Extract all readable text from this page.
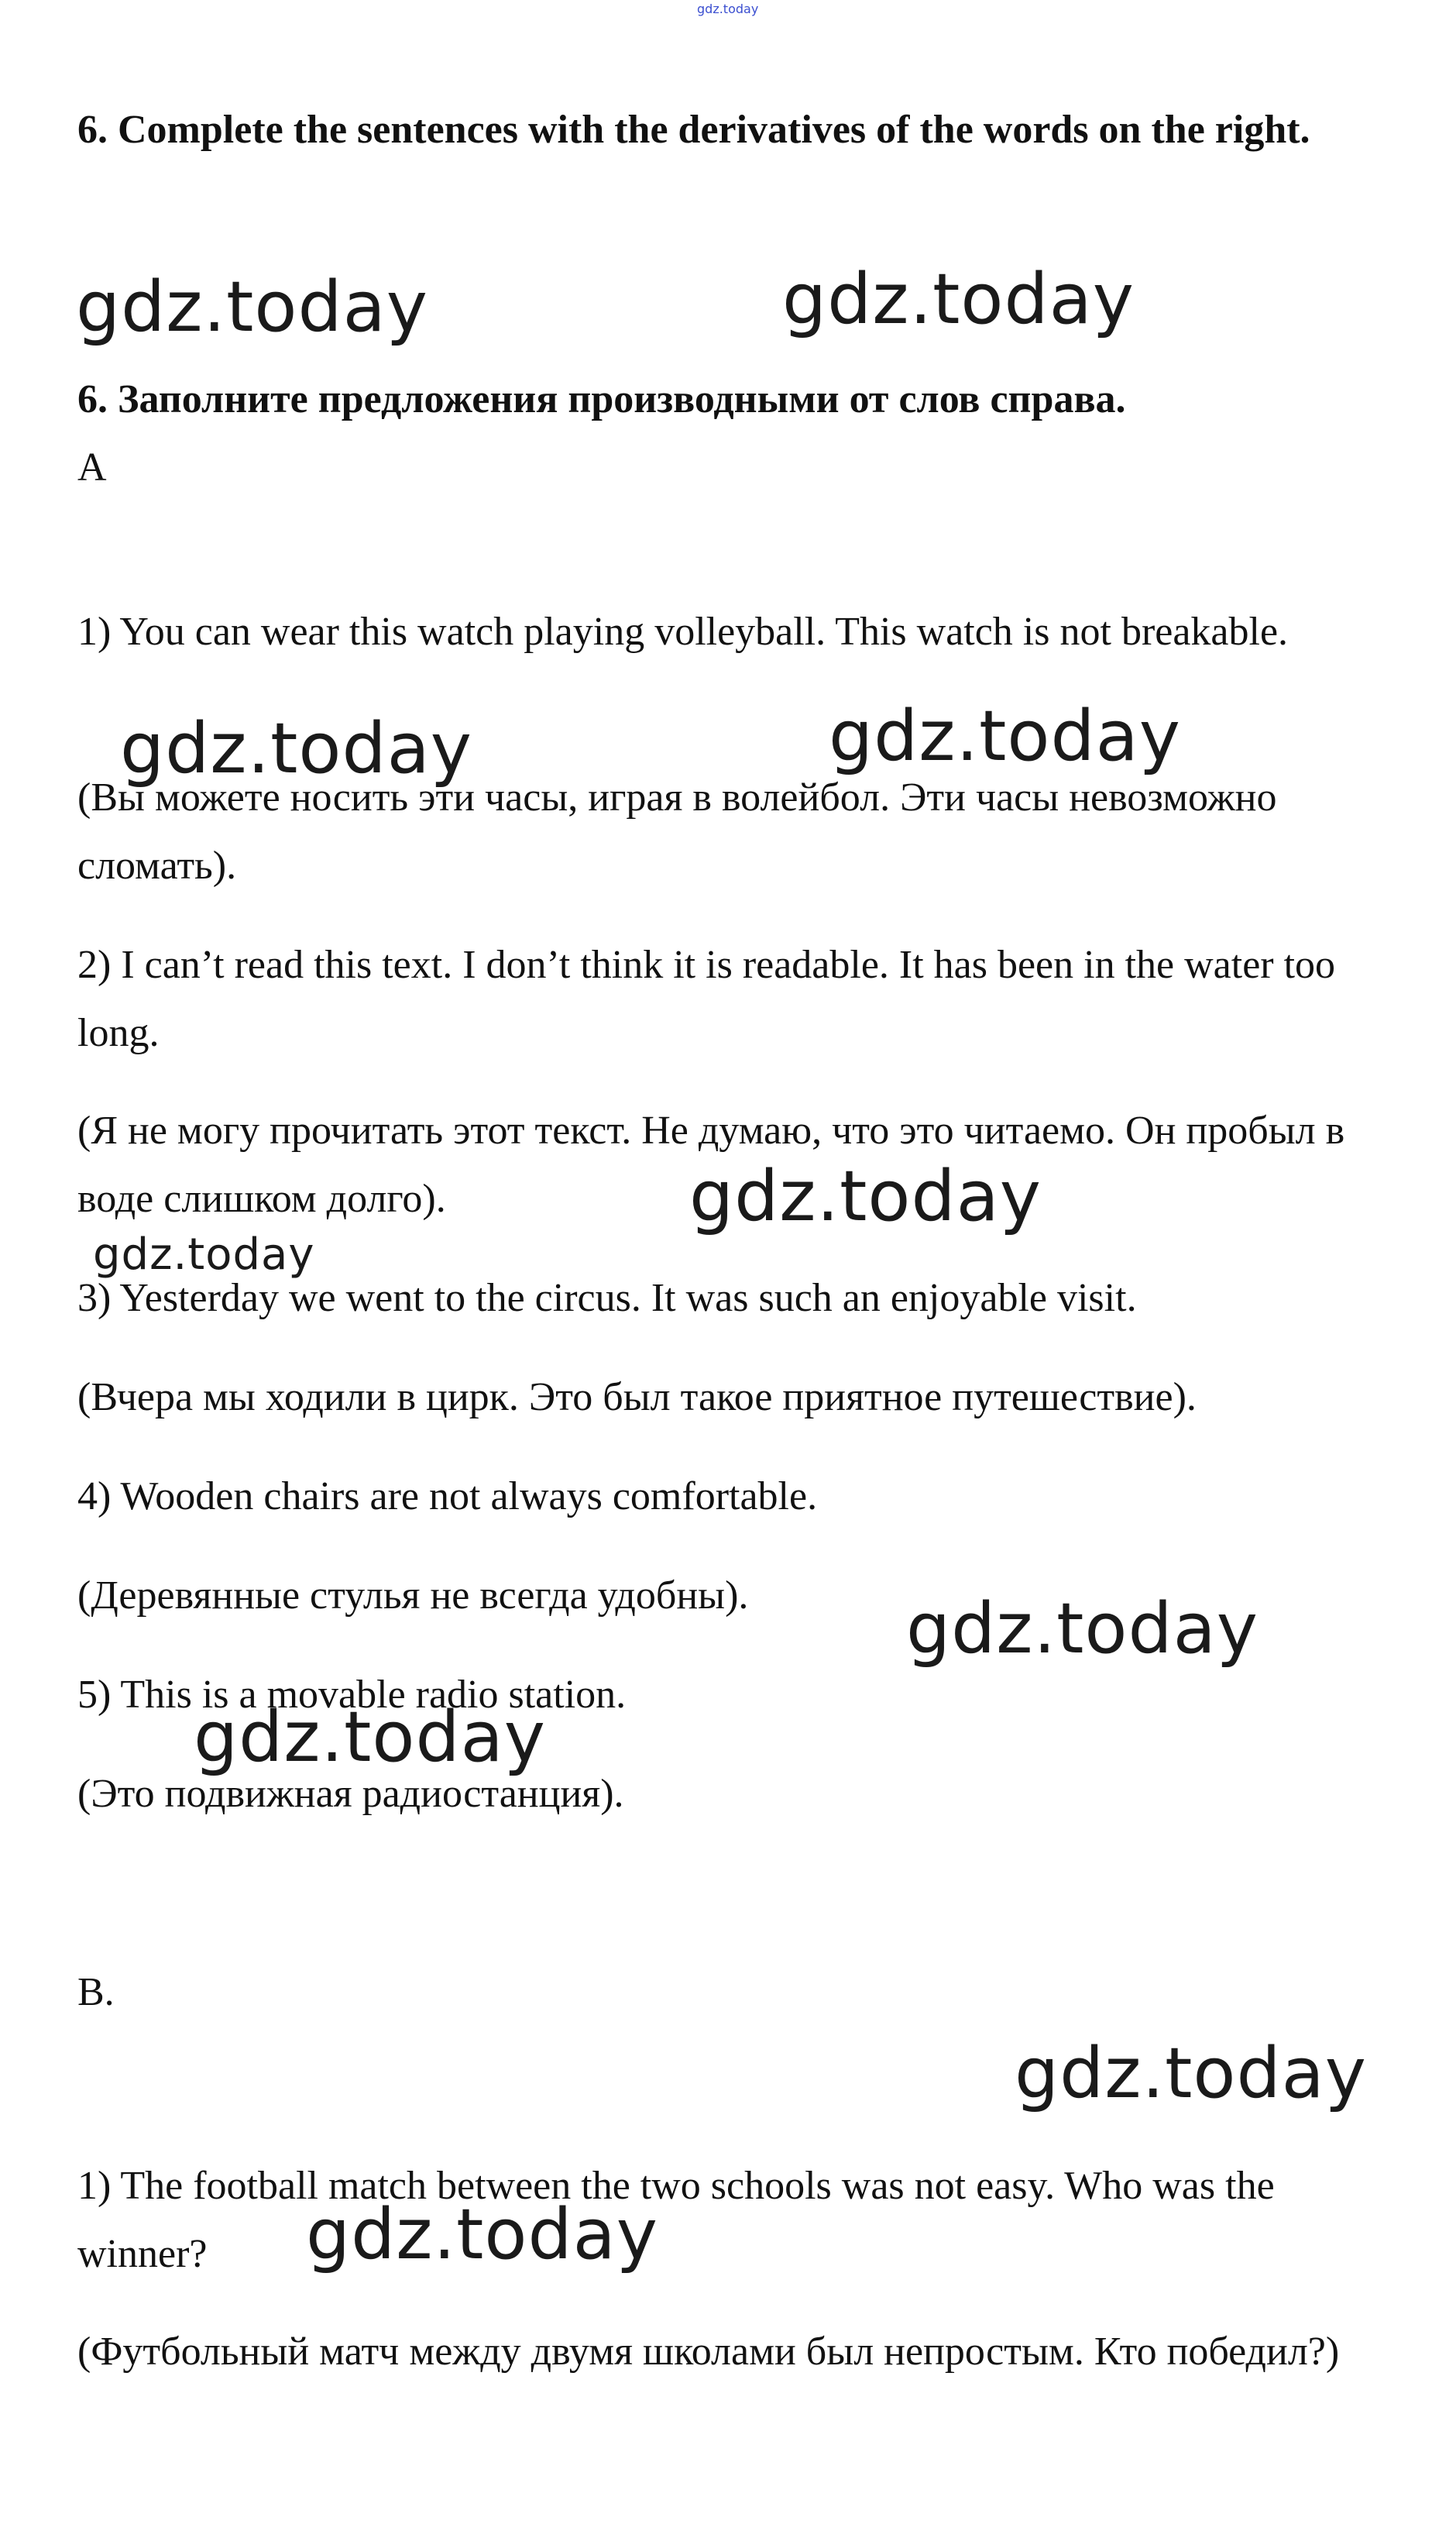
gdz.today
6. Complete the sentences with the derivatives of the words on the right.
6. Заполните предложения производными от слов справа.
A
1) You can wear this watch playing volleyball. This watch is not breakable.
(Вы можете носить эти часы, играя в волейбол. Эти часы невозможно сломать).
2) I can’t read this text. I don’t think it is readable. It has been in the water too long.
(Я не могу прочитать этот текст. Не думаю, что это читаемо. Он пробыл в воде слишком долго).
3) Yesterday we went to the circus. It was such an enjoyable visit.
(Вчера мы ходили в цирк. Это был такое приятное путешествие).
4) Wooden chairs are not always comfortable.
(Деревянные стулья не всегда удобны).
5) This is a movable radio station.
(Это подвижная радиостанция).
B.
1) The football match between the two schools was not easy. Who was the winner?
(Футбольный матч между двумя школами был непростым. Кто победил?)
gdz.today	gdz.today
gdz.today	gdz.today
gdz.today
gdz.today
gdz.today
gdz.today
gdz.today
gdz.today
